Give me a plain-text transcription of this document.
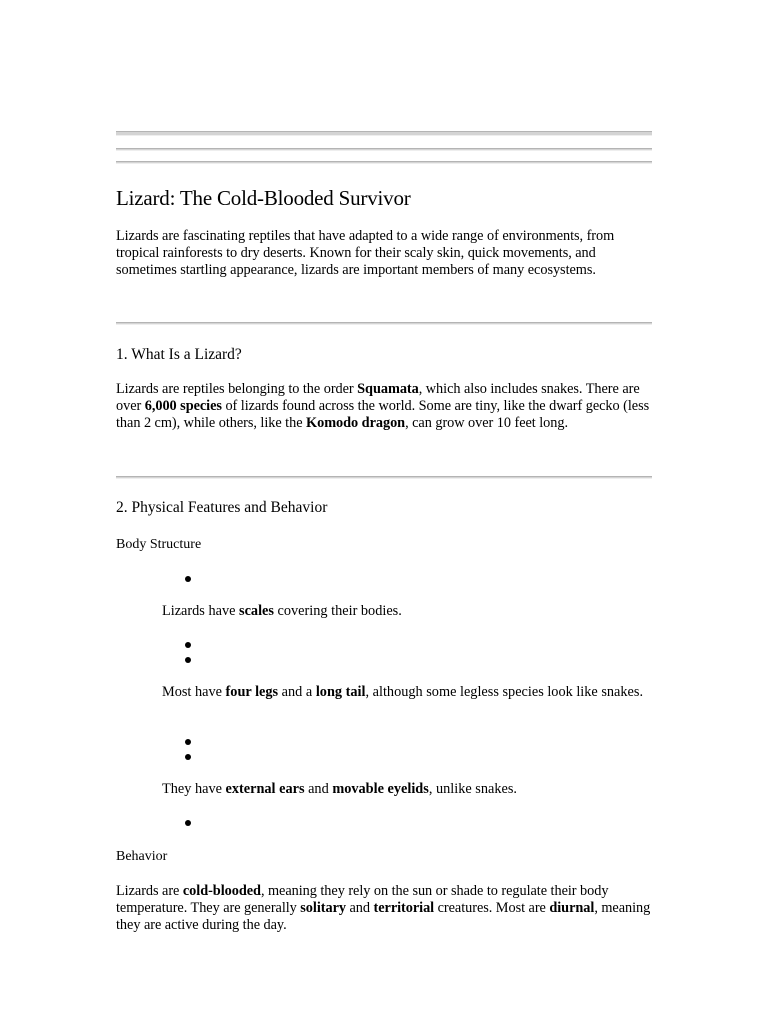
Lizard: The Cold-Blooded Survivor

Lizards are fascinating reptiles that have adapted to a wide range of environments, from tropical rainforests to dry deserts. Known for their scaly skin, quick movements, and sometimes startling appearance, lizards are important members of many ecosystems.

1. What Is a Lizard?

Lizards are reptiles belonging to the order Squamata, which also includes snakes. There are over 6,000 species of lizards found across the world. Some are tiny, like the dwarf gecko (less than 2 cm), while others, like the Komodo dragon, can grow over 10 feet long.

2. Physical Features and Behavior
Body Structure

Lizards have scales covering their bodies.

Most have four legs and a long tail, although some legless species look like snakes.

They have external ears and movable eyelids, unlike snakes.

Behavior

Lizards are cold-blooded, meaning they rely on the sun or shade to regulate their body temperature. They are generally solitary and territorial creatures. Most are diurnal, meaning they are active during the day.
